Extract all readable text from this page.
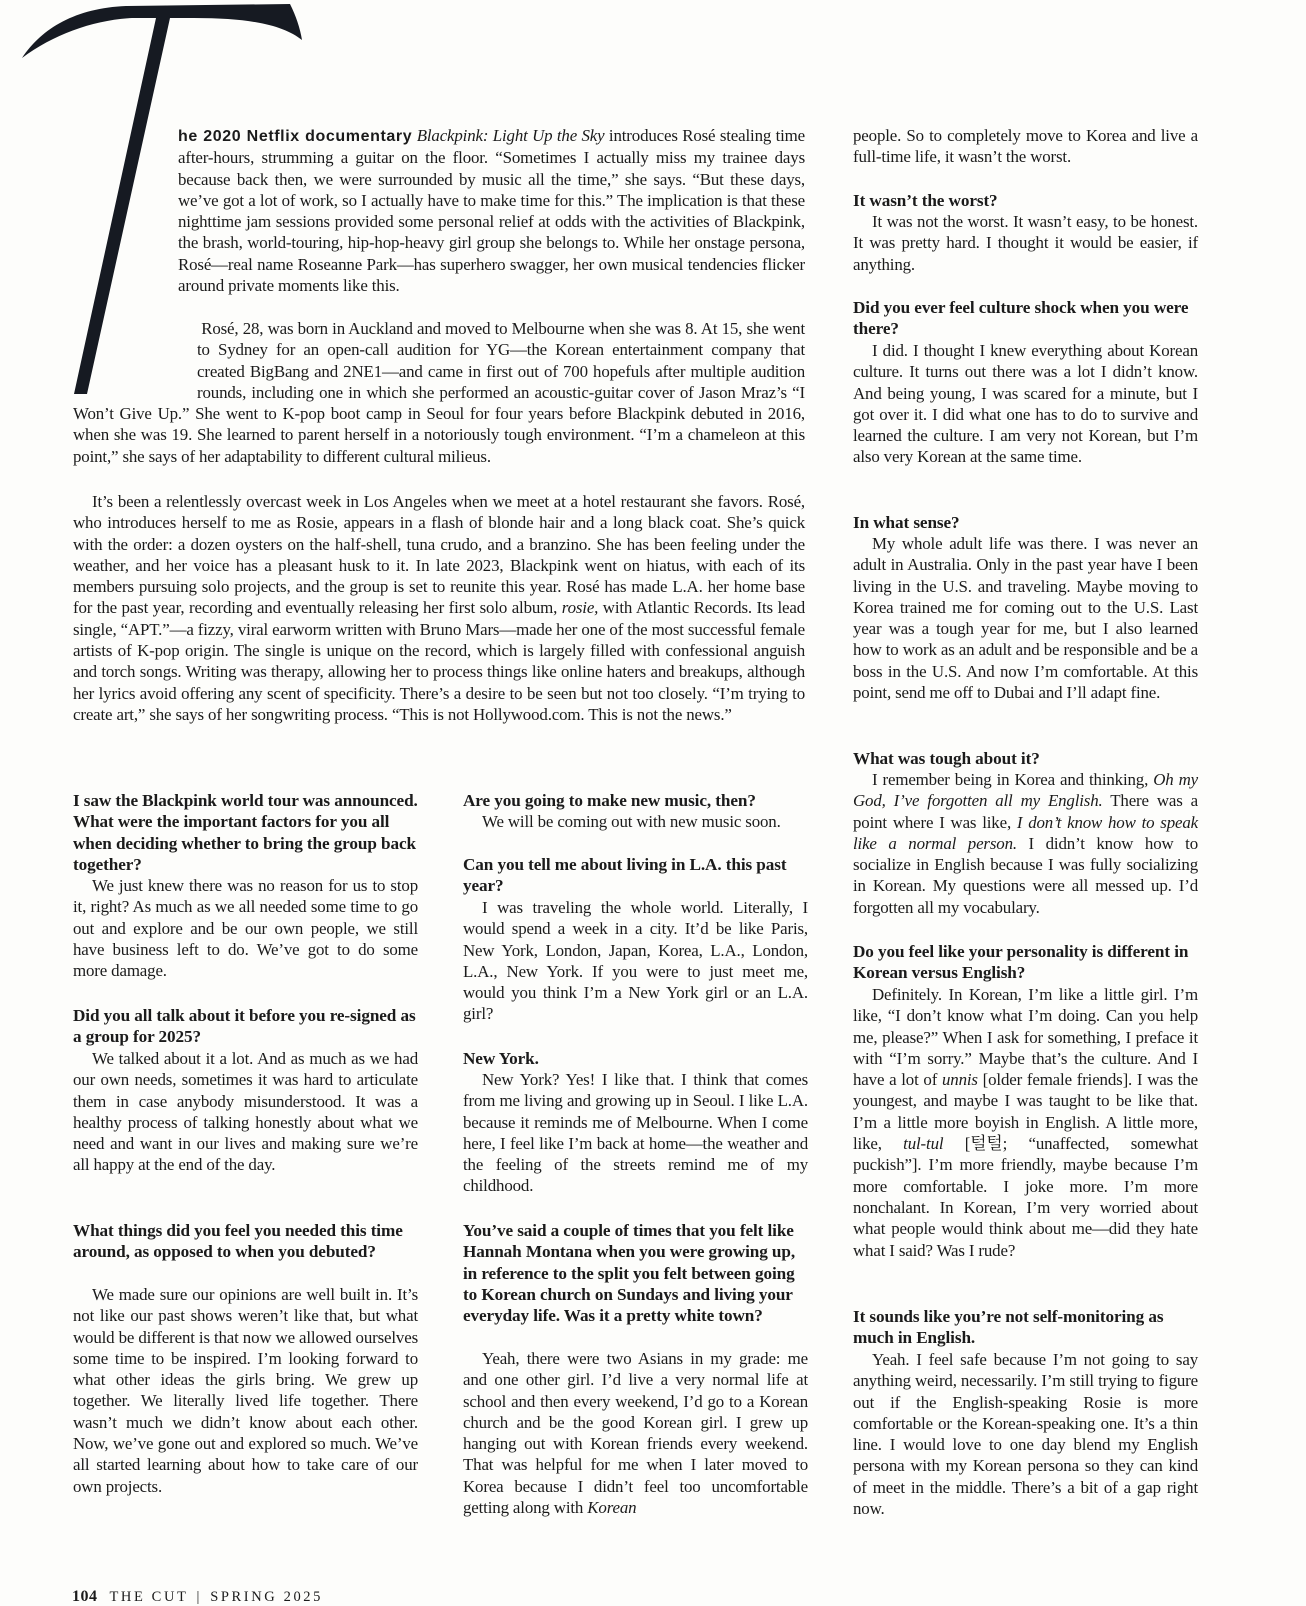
he 2020 Netflix documentary Blackpink: Light Up the Sky introduces Rosé stealing time after-hours, strumming a guitar on the floor. “Sometimes I actually miss my trainee days because back then, we were surrounded by music all the time,” she says. “But these days, we’ve got a lot of work, so I actually have to make time for this.” The implication is that these nighttime jam sessions provided some personal relief at odds with the activities of Blackpink, the brash, world-touring, hip-hop-heavy girl group she belongs to. While her onstage persona, Rosé—real name Roseanne Park—has superhero swagger, her own musical tendencies flicker around private moments like this.

Rosé, 28, was born in Auckland and moved to Melbourne when she was 8. At 15, she went to Sydney for an open-call audition for YG—the Korean entertainment company that created BigBang and 2NE1—and came in first out of 700 hopefuls after multiple audition rounds, including one in which she performed an acoustic-guitar cover of Jason Mraz’s “I Won’t Give Up.” She went to K-pop boot camp in Seoul for four years before Blackpink debuted in 2016, when she was 19. She learned to parent herself in a notoriously tough environment. “I’m a chameleon at this point,” she says of her adaptability to different cultural milieus.

It’s been a relentlessly overcast week in Los Angeles when we meet at a hotel restaurant she favors. Rosé, who introduces herself to me as Rosie, appears in a flash of blonde hair and a long black coat. She’s quick with the order: a dozen oysters on the half-shell, tuna crudo, and a branzino. She has been feeling under the weather, and her voice has a pleasant husk to it. In late 2023, Blackpink went on hiatus, with each of its members pursuing solo projects, and the group is set to reunite this year. Rosé has made L.A. her home base for the past year, recording and eventually releasing her first solo album, rosie, with Atlantic Records. Its lead single, “APT.”—a fizzy, viral earworm written with Bruno Mars—made her one of the most successful female artists of K-pop origin. The single is unique on the record, which is largely filled with confessional anguish and torch songs. Writing was therapy, allowing her to process things like online haters and breakups, although her lyrics avoid offering any scent of specificity. There’s a desire to be seen but not too closely. “I’m trying to create art,” she says of her songwriting process. “This is not Hollywood.com. This is not the news.”

I saw the Blackpink world tour was announced. What were the important factors for you all when deciding whether to bring the group back together?

We just knew there was no reason for us to stop it, right? As much as we all needed some time to go out and explore and be our own people, we still have business left to do. We’ve got to do some more damage.

Did you all talk about it before you re-signed as a group for 2025?

We talked about it a lot. And as much as we had our own needs, sometimes it was hard to articulate them in case anybody misunderstood. It was a healthy process of talking honestly about what we need and want in our lives and making sure we’re all happy at the end of the day.

What things did you feel you needed this time around, as opposed to when you debuted?

We made sure our opinions are well built in. It’s not like our past shows weren’t like that, but what would be different is that now we allowed ourselves some time to be inspired. I’m looking forward to what other ideas the girls bring. We grew up together. We literally lived life together. There wasn’t much we didn’t know about each other. Now, we’ve gone out and explored so much. We’ve all started learning about how to take care of our own projects.

Are you going to make new music, then?

We will be coming out with new music soon.

Can you tell me about living in L.A. this past year?

I was traveling the whole world. Literally, I would spend a week in a city. It’d be like Paris, New York, London, Japan, Korea, L.A., London, L.A., New York. If you were to just meet me, would you think I’m a New York girl or an L.A. girl?

New York.

New York? Yes! I like that. I think that comes from me living and growing up in Seoul. I like L.A. because it reminds me of Melbourne. When I come here, I feel like I’m back at home—the weather and the feeling of the streets remind me of my childhood.

You’ve said a couple of times that you felt like Hannah Montana when you were growing up, in reference to the split you felt between going to Korean church on Sundays and living your everyday life. Was it a pretty white town?

Yeah, there were two Asians in my grade: me and one other girl. I’d live a very normal life at school and then every weekend, I’d go to a Korean church and be the good Korean girl. I grew up hanging out with Korean friends every weekend. That was helpful for me when I later moved to Korea because I didn’t feel too uncomfortable getting along with Korean

people. So to completely move to Korea and live a full-time life, it wasn’t the worst.

It wasn’t the worst?

It was not the worst. It wasn’t easy, to be honest. It was pretty hard. I thought it would be easier, if anything.

Did you ever feel culture shock when you were there?

I did. I thought I knew everything about Korean culture. It turns out there was a lot I didn’t know. And being young, I was scared for a minute, but I got over it. I did what one has to do to survive and learned the culture. I am very not Korean, but I’m also very Korean at the same time.

In what sense?

My whole adult life was there. I was never an adult in Australia. Only in the past year have I been living in the U.S. and traveling. Maybe moving to Korea trained me for coming out to the U.S. Last year was a tough year for me, but I also learned how to work as an adult and be responsible and be a boss in the U.S. And now I’m comfortable. At this point, send me off to Dubai and I’ll adapt fine.

What was tough about it?

I remember being in Korea and thinking, Oh my God, I’ve forgotten all my English. There was a point where I was like, I don’t know how to speak like a normal person. I didn’t know how to socialize in English because I was fully socializing in Korean. My questions were all messed up. I’d forgotten all my vocabulary.

Do you feel like your personality is different in Korean versus English?

Definitely. In Korean, I’m like a little girl. I’m like, “I don’t know what I’m doing. Can you help me, please?” When I ask for something, I preface it with “I’m sorry.” Maybe that’s the culture. And I have a lot of unnis [older female friends]. I was the youngest, and maybe I was taught to be like that. I’m a little more boyish in English. A little more, like, tul-tul [털털; “unaffected, somewhat puckish”]. I’m more friendly, maybe because I’m more comfortable. I joke more. I’m more nonchalant. In Korean, I’m very worried about what people would think about me—did they hate what I said? Was I rude?

It sounds like you’re not self-monitoring as much in English.

Yeah. I feel safe because I’m not going to say anything weird, necessarily. I’m still trying to figure out if the English-speaking Rosie is more comfortable or the Korean-speaking one. It’s a thin line. I would love to one day blend my English persona with my Korean persona so they can kind of meet in the middle. There’s a bit of a gap right now.

104 THE CUT | SPRING 2025
